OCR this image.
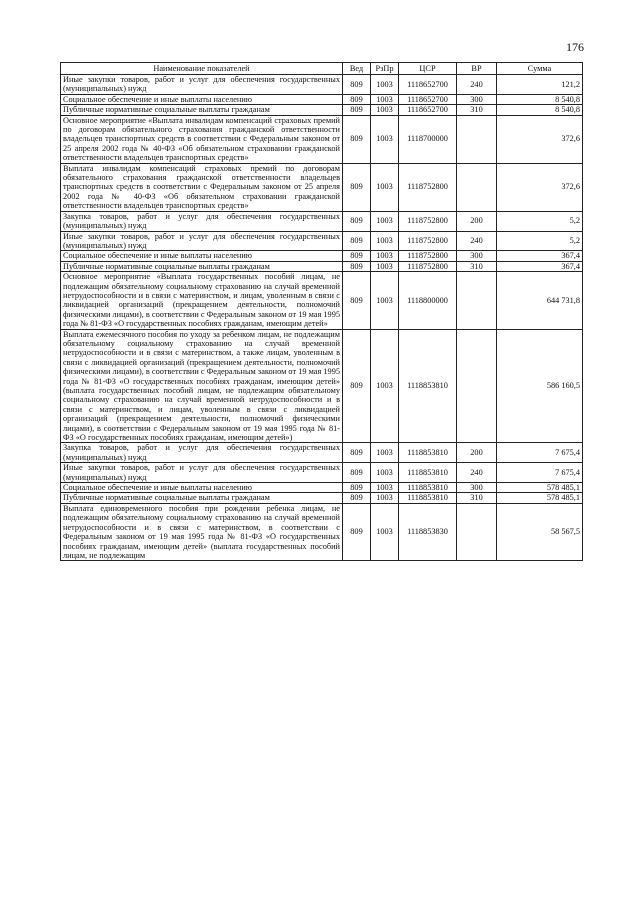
176
Наименование показателей	Вед	РзПр	ЦСР	ВР	Сумма
Иные закупки товаров, работ и услуг для обеспечения государственных (муниципальных) нужд	809	1003	1118652700	240	121,2
Социальное обеспечение и иные выплаты населению	809	1003	1118652700	300	8 540,8
Публичные нормативные социальные выплаты гражданам	809	1003	1118652700	310	8 540,8
Основное мероприятие «Выплата инвалидам компенсаций страховых премий по договорам обязательного страхования гражданской ответственности владельцев транспортных средств в соответствии с Федеральным законом от 25 апреля 2002 года № 40-ФЗ «Об обязательном страховании гражданской ответственности владельцев транспортных средств»	809	1003	1118700000		372,6
Выплата инвалидам компенсаций страховых премий по договорам обязательного страхования гражданской ответственности владельцев транспортных средств в соответствии с Федеральным законом от 25 апреля 2002 года № 40-ФЗ «Об обязательном страховании гражданской ответственности владельцев транспортных средств»	809	1003	1118752800		372,6
Закупка товаров, работ и услуг для обеспечения государственных (муниципальных) нужд	809	1003	1118752800	200	5,2
Иные закупки товаров, работ и услуг для обеспечения государственных (муниципальных) нужд	809	1003	1118752800	240	5,2
Социальное обеспечение и иные выплаты населению	809	1003	1118752800	300	367,4
Публичные нормативные социальные выплаты гражданам	809	1003	1118752800	310	367,4
Основное мероприятие «Выплата государственных пособий лицам, не подлежащим обязательному социальному страхованию на случай временной нетрудоспособности и в связи с материнством, и лицам, уволенным в связи с ликвидацией организаций (прекращением деятельности, полномочий физическими лицами), в соответствии с Федеральным законом от 19 мая 1995 года № 81-ФЗ «О государственных пособиях гражданам, имеющим детей»	809	1003	1118800000		644 731,8
Выплата ежемесячного пособия по уходу за ребенком лицам, не подлежащим обязательному социальному страхованию на случай временной нетрудоспособности и в связи с материнством, а также лицам, уволенным в связи с ликвидацией организаций (прекращением деятельности, полномочий физическими лицами), в соответствии с Федеральным законом от 19 мая 1995 года № 81-ФЗ «О государственных пособиях гражданам, имеющим детей» (выплата государственных пособий лицам, не подлежащим обязательному социальному страхованию на случай временной нетрудоспособности и в связи с материнством, и лицам, уволенным в связи с ликвидацией организаций (прекращением деятельности, полномочий физическими лицами), в соответствии с Федеральным законом от 19 мая 1995 года № 81-ФЗ «О государственных пособиях гражданам, имеющим детей»)	809	1003	1118853810		586 160,5
Закупка товаров, работ и услуг для обеспечения государственных (муниципальных) нужд	809	1003	1118853810	200	7 675,4
Иные закупки товаров, работ и услуг для обеспечения государственных (муниципальных) нужд	809	1003	1118853810	240	7 675,4
Социальное обеспечение и иные выплаты населению	809	1003	1118853810	300	578 485,1
Публичные нормативные социальные выплаты гражданам	809	1003	1118853810	310	578 485,1
Выплата единовременного пособия при рождении ребенка лицам, не подлежащим обязательному социальному страхованию на случай временной нетрудоспособности и в связи с материнством, в соответствии с Федеральным законом от 19 мая 1995 года № 81-ФЗ «О государственных пособиях гражданам, имеющим детей» (выплата государственных пособий лицам, не подлежащим	809	1003	1118853830		58 567,5
